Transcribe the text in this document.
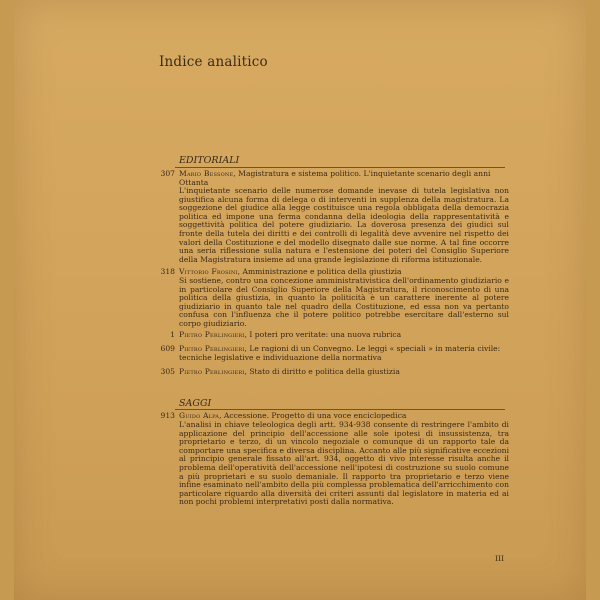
Indice analitico
EDITORIALI
307 Mario Bessone, Magistratura e sistema politico. L'inquietante scenario degli anni Ottanta
L'inquietante scenario delle numerose domande inevase di tutela legislativa non giustifica alcuna forma di delega o di interventi in supplenza della magistratura. La soggezione del giudice alla legge costituisce una regola obbligata della democrazia politica ed impone una ferma condanna della ideologia della rappresentatività e soggettività politica del potere giudiziario. La doverosa presenza dei giudici sul fronte della tutela dei diritti e dei controlli di legalità deve avvenire nel rispetto dei valori della Costituzione e del modello disegnato dalle sue norme. A tal fine occorre una seria riflessione sulla natura e l'estensione dei poteri del Consiglio Superiore della Magistratura insieme ad una grande legislazione di riforma istituzionale.
318 Vittorio Frosini, Amministrazione e politica della giustizia
Si sostiene, contro una concezione amministrativistica dell'ordinamento giudiziario e in particolare del Consiglio Superiore della Magistratura, il riconoscimento di una politica della giustizia, in quanto la politicità è un carattere inerente al potere giudiziario in quanto tale nel quadro della Costituzione, ed essa non va pertanto confusa con l'influenza che il potere politico potrebbe esercitare dall'esterno sul corpo giudiziario.
1 Pietro Perlingieri, I poteri pro veritate: una nuova rubrica
609 Pietro Perlingieri, Le ragioni di un Convegno. Le leggi « speciali » in materia civile: tecniche legislative e individuazione della normativa
305 Pietro Perlingieri, Stato di diritto e politica della giustizia
SAGGI
913 Guido Alpa, Accessione. Progetto di una voce enciclopedica
L'analisi in chiave teleologica degli artt. 934-938 consente di restringere l'ambito di applicazione del principio dell'accessione alle sole ipotesi di insussistenza, tra proprietario e terzo, di un vincolo negoziale o comunque di un rapporto tale da comportare una specifica e diversa disciplina. Accanto alle più significative eccezioni al principio generale fissato all'art. 934, oggetto di vivo interesse risulta anche il problema dell'operatività dell'accessione nell'ipotesi di costruzione su suolo comune a più proprietari e su suolo demaniale. Il rapporto tra proprietario e terzo viene infine esaminato nell'ambito della più complessa problematica dell'arricchimento con particolare riguardo alla diversità dei criteri assunti dal legislatore in materia ed ai non pochi problemi interpretativi posti dalla normativa.
III
